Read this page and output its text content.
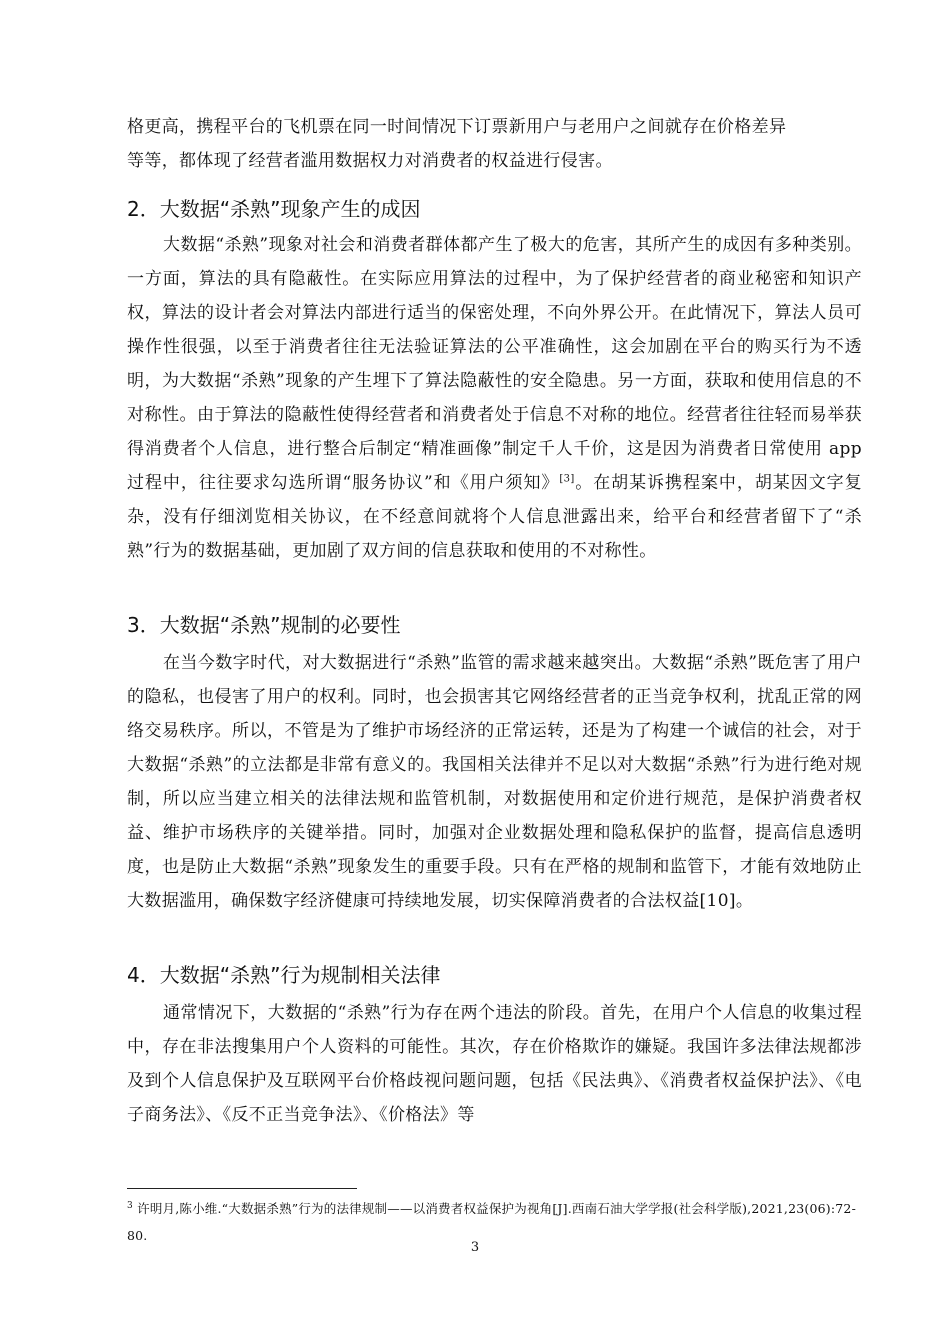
格更高，携程平台的飞机票在同一时间情况下订票新用户与老用户之间就存在价格差异
等等，都体现了经营者滥用数据权力对消费者的权益进行侵害。
2．大数据“杀熟”现象产生的成因

大数据“杀熟”现象对社会和消费者群体都产生了极大的危害，其所产生的成因有多种类别。一方面，算法的具有隐蔽性。在实际应用算法的过程中，为了保护经营者的商业秘密和知识产权，算法的设计者会对算法内部进行适当的保密处理，不向外界公开。在此情况下，算法人员可操作性很强，以至于消费者往往无法验证算法的公平准确性，这会加剧在平台的购买行为不透明，为大数据“杀熟”现象的产生埋下了算法隐蔽性的安全隐患。另一方面，获取和使用信息的不对称性。由于算法的隐蔽性使得经营者和消费者处于信息不对称的地位。经营者往往轻而易举获得消费者个人信息，进行整合后制定“精准画像”制定千人千价，这是因为消费者日常使用 app 过程中，往往要求勾选所谓“服务协议”和《用户须知》[3]。在胡某诉携程案中，胡某因文字复杂，没有仔细浏览相关协议，在不经意间就将个人信息泄露出来，给平台和经营者留下了“杀熟”行为的数据基础，更加剧了双方间的信息获取和使用的不对称性。

3．大数据“杀熟”规制的必要性

在当今数字时代，对大数据进行“杀熟”监管的需求越来越突出。大数据“杀熟”既危害了用户的隐私，也侵害了用户的权利。同时，也会损害其它网络经营者的正当竞争权利，扰乱正常的网络交易秩序。所以，不管是为了维护市场经济的正常运转，还是为了构建一个诚信的社会，对于大数据“杀熟”的立法都是非常有意义的。我国相关法律并不足以对大数据“杀熟”行为进行绝对规制，所以应当建立相关的法律法规和监管机制，对数据使用和定价进行规范，是保护消费者权益、维护市场秩序的关键举措。同时，加强对企业数据处理和隐私保护的监督，提高信息透明度，也是防止大数据“杀熟”现象发生的重要手段。只有在严格的规制和监管下，才能有效地防止大数据滥用，确保数字经济健康可持续地发展，切实保障消费者的合法权益[10]。

4．大数据“杀熟”行为规制相关法律

通常情况下，大数据的“杀熟”行为存在两个违法的阶段。首先，在用户个人信息的收集过程中，存在非法搜集用户个人资料的可能性。其次，存在价格欺诈的嫌疑。我国许多法律法规都涉及到个人信息保护及互联网平台价格歧视问题问题，包括《民法典》、《消费者权益保护法》、《电子商务法》、《反不正当竞争法》、《价格法》等

$^3$ 许明月,陈小维.“大数据杀熟”行为的法律规制——以消费者权益保护为视角[J].西南石油大学学报(社会科学版),2021,23(06):72-80.
3
